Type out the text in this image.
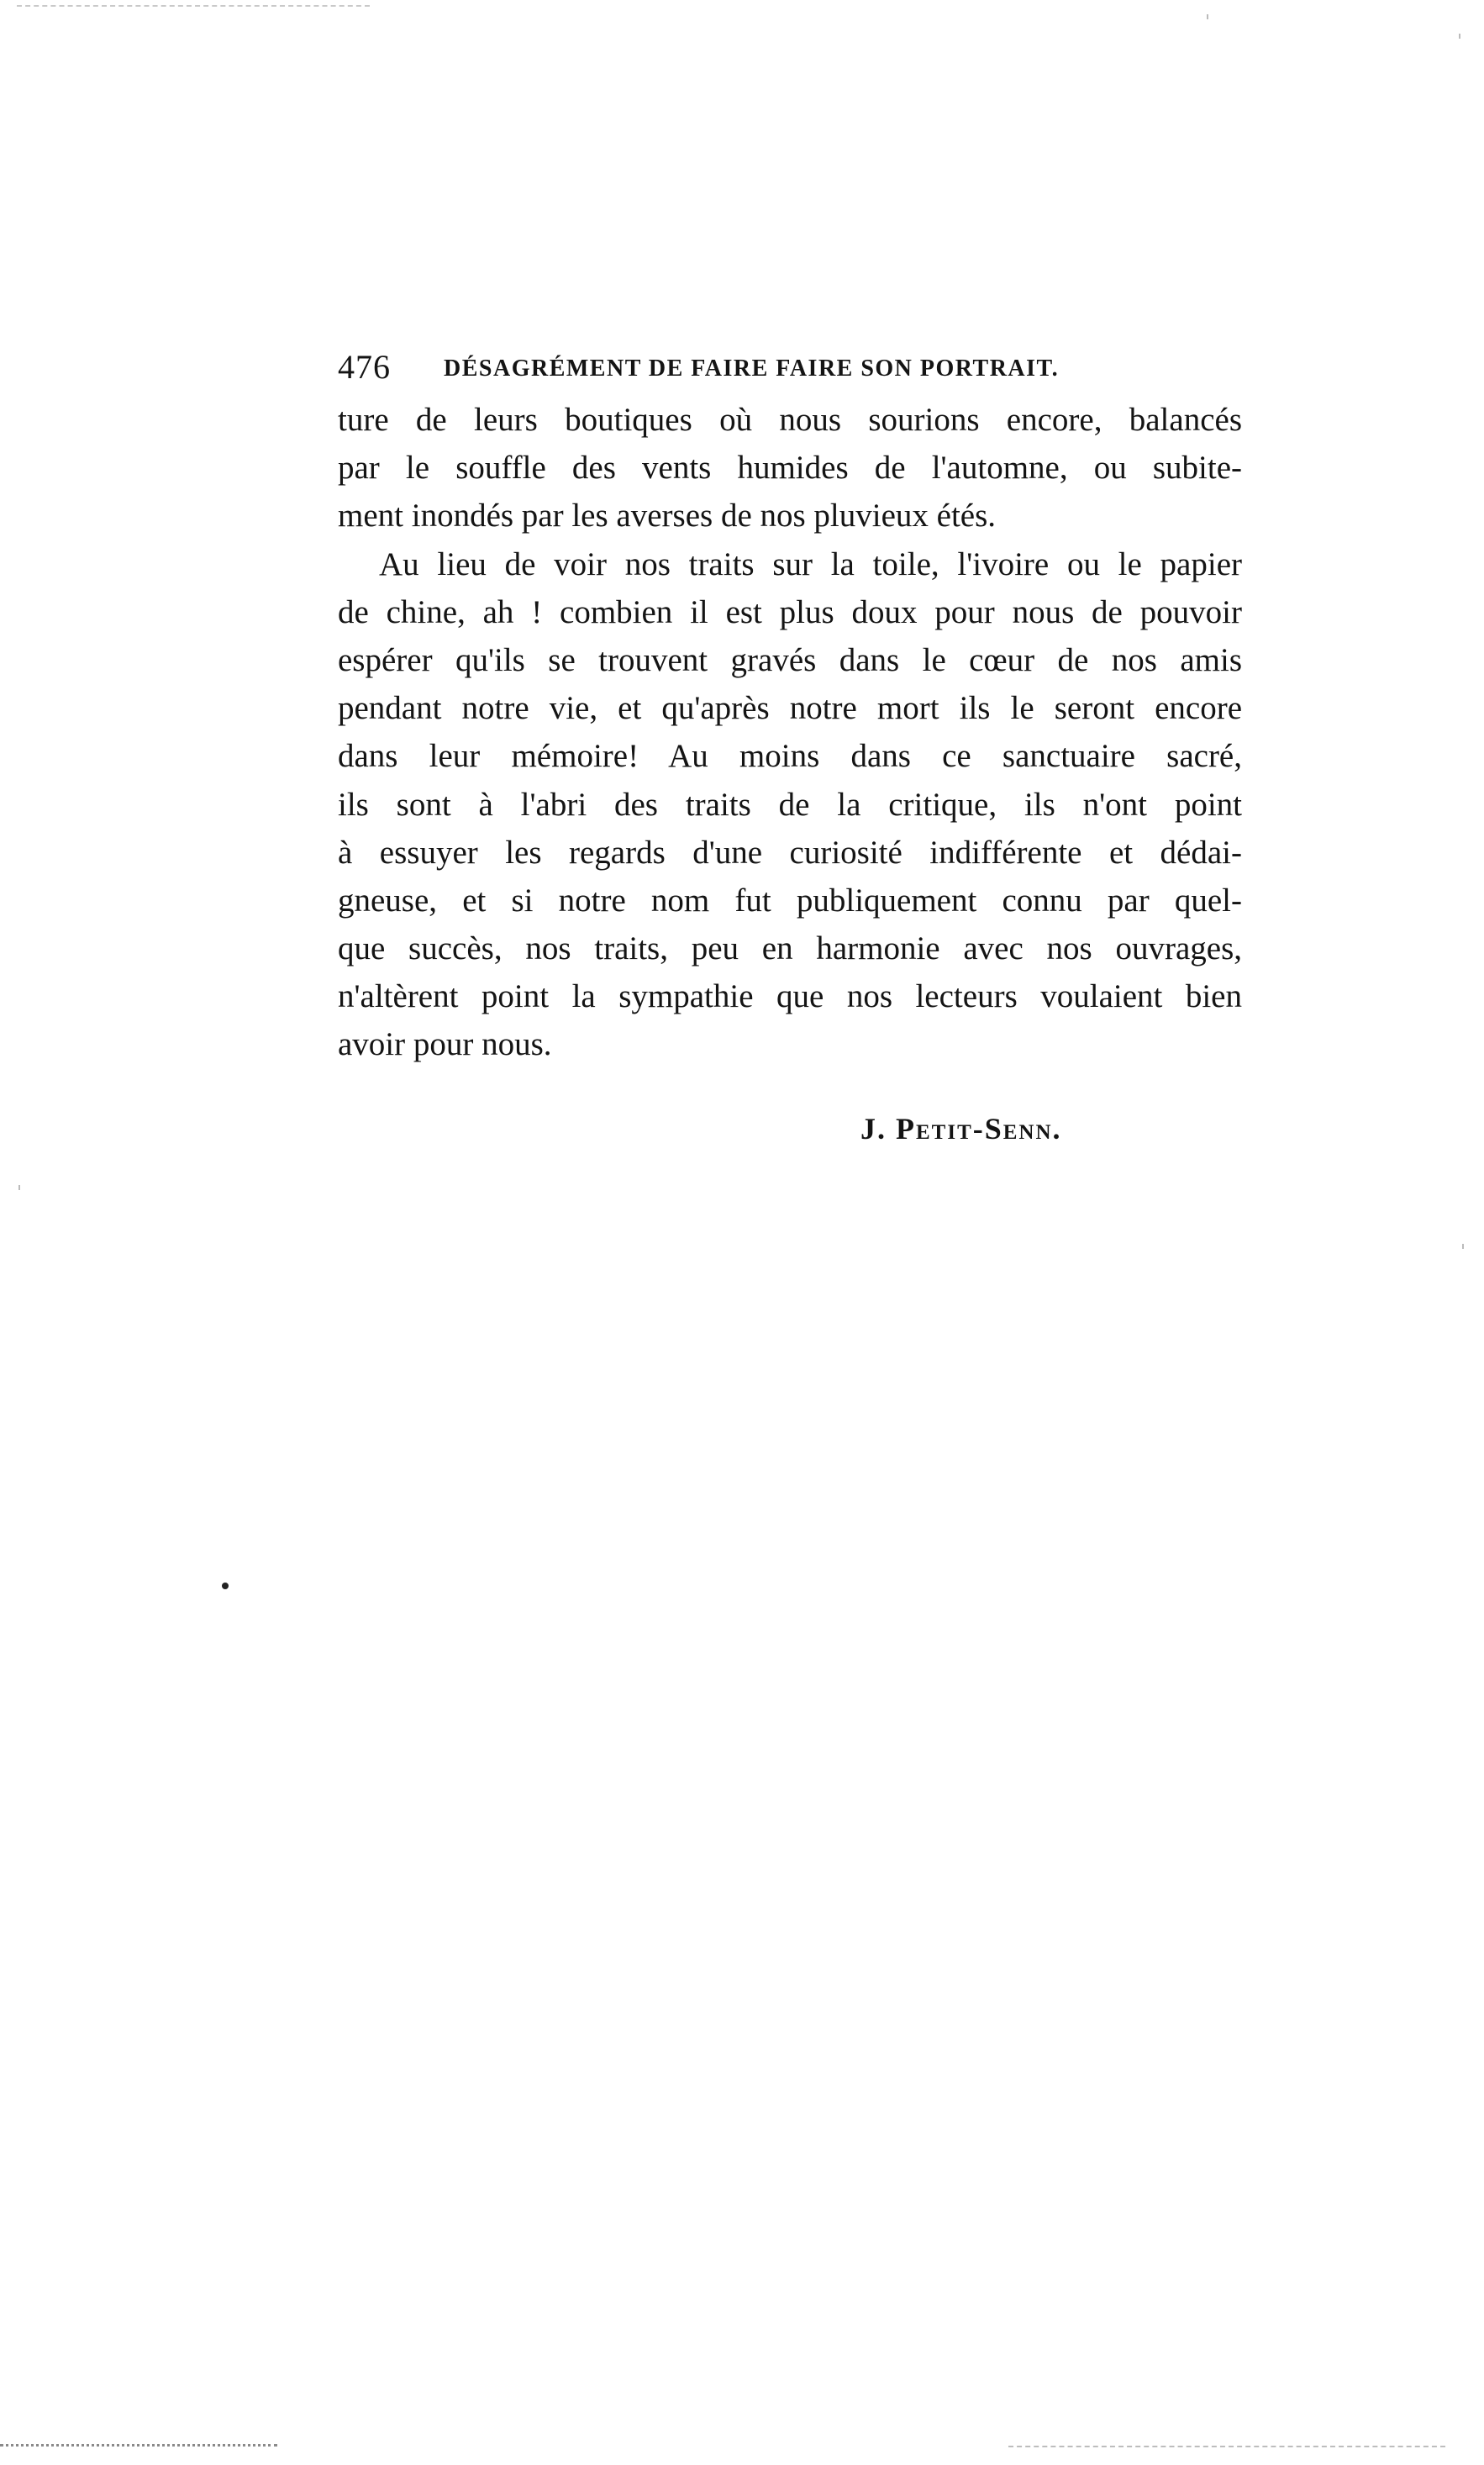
476 DÉSAGRÉMENT DE FAIRE FAIRE SON PORTRAIT.
ture de leurs boutiques où nous sourions encore, balancés
par le souffle des vents humides de l'automne, ou subite-
ment inondés par les averses de nos pluvieux étés.
Au lieu de voir nos traits sur la toile, l'ivoire ou le papier
de chine, ah ! combien il est plus doux pour nous de pouvoir
espérer qu'ils se trouvent gravés dans le cœur de nos amis
pendant notre vie, et qu'après notre mort ils le seront encore
dans leur mémoire! Au moins dans ce sanctuaire sacré,
ils sont à l'abri des traits de la critique, ils n'ont point
à essuyer les regards d'une curiosité indifférente et dédai-
gneuse, et si notre nom fut publiquement connu par quel-
que succès, nos traits, peu en harmonie avec nos ouvrages,
n'altèrent point la sympathie que nos lecteurs voulaient bien
avoir pour nous.
J. Petit-Senn.
